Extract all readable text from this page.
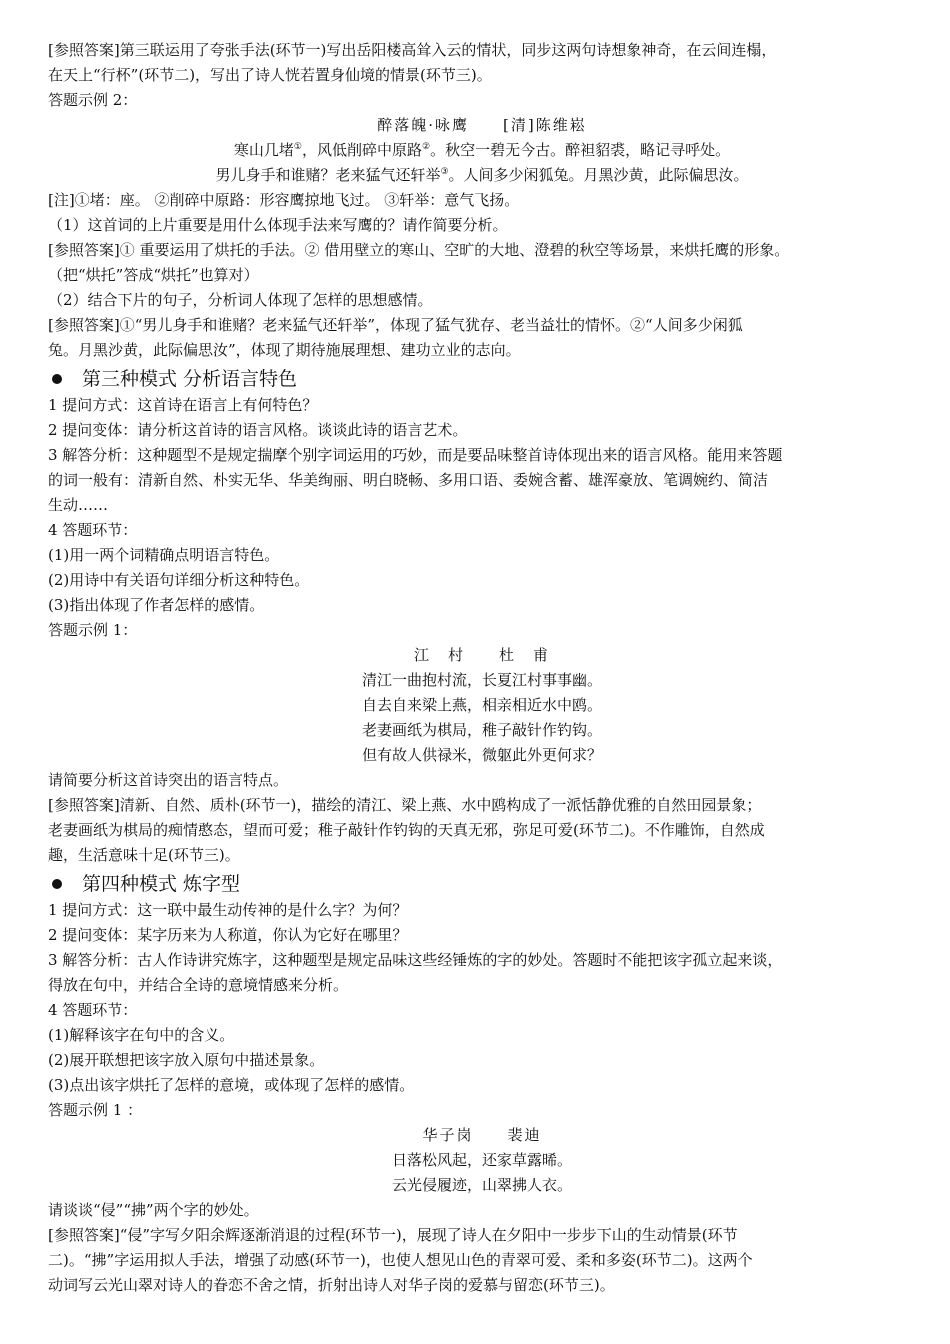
[参照答案]第三联运用了夸张手法(环节一)写出岳阳楼高耸入云的情状，同步这两句诗想象神奇，在云间连榻，

在天上“行杯”(环节二)，写出了诗人恍若置身仙境的情景(环节三)。

答题示例 2：

醉落魄·咏鹰　　[清]陈维崧

寒山几堵①，风低削碎中原路②。秋空一碧无今古。醉袒貂裘，略记寻呼处。

男儿身手和谁赌？老来猛气还轩举③。人间多少闲狐兔。月黑沙黄，此际偏思汝。

[注]①堵：座。 ②削碎中原路：形容鹰掠地飞过。 ③轩举：意气飞扬。

（1）这首词的上片重要是用什么体现手法来写鹰的？请作简要分析。

[参照答案]① 重要运用了烘托的手法。② 借用壁立的寒山、空旷的大地、澄碧的秋空等场景，来烘托鹰的形象。

（把“烘托”答成“烘托”也算对）

（2）结合下片的句子，分析词人体现了怎样的思想感情。

[参照答案]①“男儿身手和谁赌？老来猛气还轩举”，体现了猛气犹存、老当益壮的情怀。②“人间多少闲狐

兔。月黑沙黄，此际偏思汝”，体现了期待施展理想、建功立业的志向。

第三种模式 分析语言特色

1 提问方式：这首诗在语言上有何特色？

2 提问变体：请分析这首诗的语言风格。谈谈此诗的语言艺术。

3 解答分析：这种题型不是规定揣摩个别字词运用的巧妙，而是要品味整首诗体现出来的语言风格。能用来答题

的词一般有：清新自然、朴实无华、华美绚丽、明白晓畅、多用口语、委婉含蓄、雄浑豪放、笔调婉约、简洁

生动……

4 答题环节：

(1)用一两个词精确点明语言特色。

(2)用诗中有关语句详细分析这种特色。

(3)指出体现了作者怎样的感情。

答题示例 1：

江　村　　杜　甫

清江一曲抱村流，长夏江村事事幽。

自去自来梁上燕，相亲相近水中鸥。

老妻画纸为棋局，稚子敲针作钓钩。

但有故人供禄米，微躯此外更何求？

请简要分析这首诗突出的语言特点。

[参照答案]清新、自然、质朴(环节一)，描绘的清江、梁上燕、水中鸥构成了一派恬静优雅的自然田园景象；

老妻画纸为棋局的痴情憨态，望而可爱；稚子敲针作钓钩的天真无邪，弥足可爱(环节二)。不作雕饰，自然成

趣，生活意味十足(环节三)。

第四种模式 炼字型

1 提问方式：这一联中最生动传神的是什么字？为何？

2 提问变体：某字历来为人称道，你认为它好在哪里？

3 解答分析：古人作诗讲究炼字，这种题型是规定品味这些经锤炼的字的妙处。答题时不能把该字孤立起来谈，

得放在句中，并结合全诗的意境情感来分析。

4 答题环节：

(1)解释该字在句中的含义。

(2)展开联想把该字放入原句中描述景象。

(3)点出该字烘托了怎样的意境，或体现了怎样的感情。

答题示例 1 ：

华子岗　　裴迪

日落松风起，还家草露晞。

云光侵履迹，山翠拂人衣。

请谈谈“侵”“拂”两个字的妙处。

[参照答案]“侵”字写夕阳余辉逐渐消退的过程(环节一)，展现了诗人在夕阳中一步步下山的生动情景(环节

二)。“拂”字运用拟人手法，增强了动感(环节一)，也使人想见山色的青翠可爱、柔和多姿(环节二)。这两个

动词写云光山翠对诗人的眷恋不舍之情，折射出诗人对华子岗的爱慕与留恋(环节三)。
